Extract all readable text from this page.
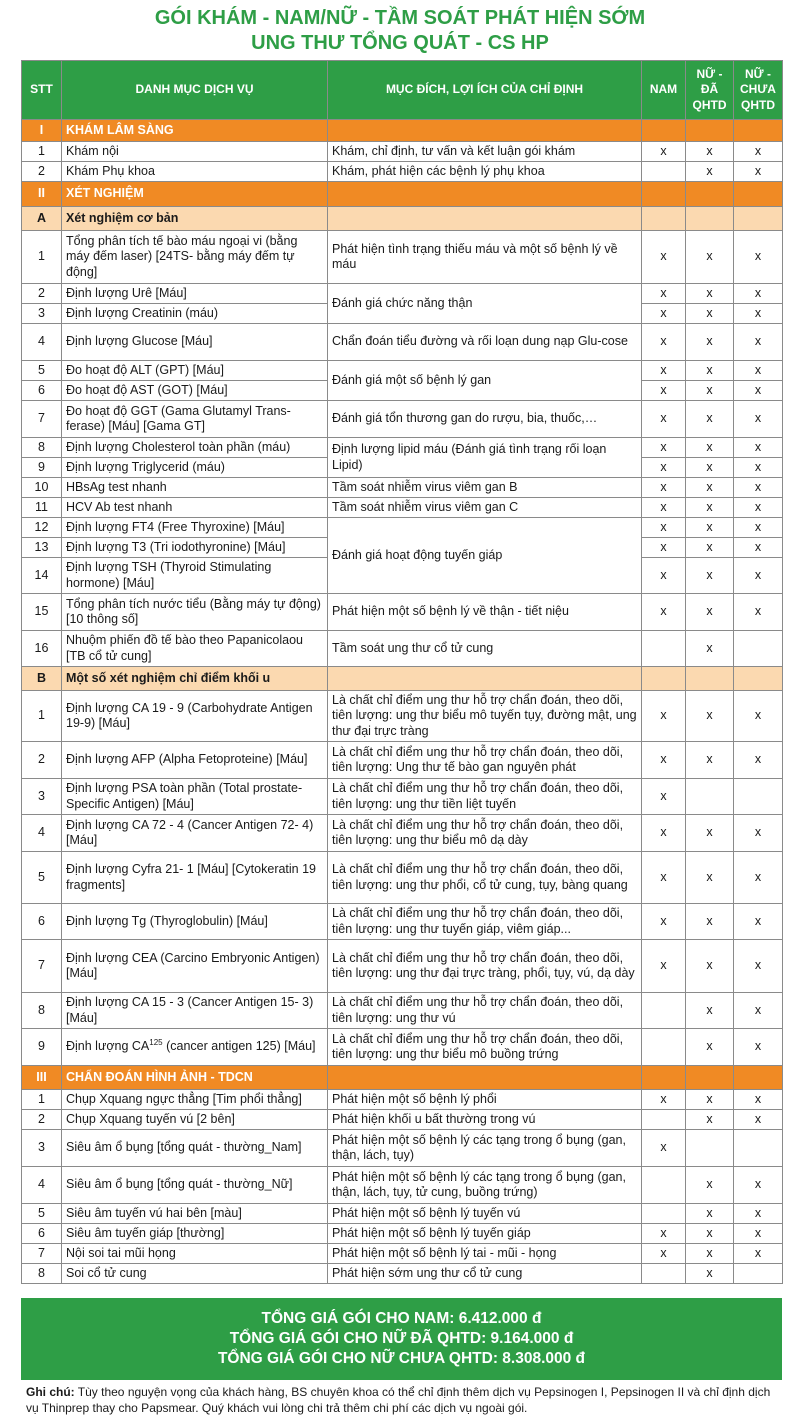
GÓI KHÁM - NAM/NỮ - TẦM SOÁT PHÁT HIỆN SỚM
UNG THƯ TỔNG QUÁT - CS HP
STT	DANH MỤC DỊCH VỤ	MỤC ĐÍCH, LỢI ÍCH CỦA CHỈ ĐỊNH	NAM	NỮ -
ĐÃ
QHTD	NỮ -
CHƯA
QHTD
I	KHÁM LÂM SÀNG				
1	Khám nội	Khám, chỉ định, tư vấn và kết luận gói khám	x	x	x
2	Khám Phụ khoa	Khám, phát hiện các bệnh lý phụ khoa		x	x
II	XÉT NGHIỆM				
A	Xét nghiệm cơ bản				
1	Tổng phân tích tế bào máu ngoại vi (bằng máy đếm laser) [24TS- bằng máy đếm tự động]	Phát hiện tình trạng thiếu máu và một số bệnh lý về máu	x	x	x
2	Định lượng Urê [Máu]	Đánh giá chức năng thận	x	x	x
3	Định lượng Creatinin (máu)		x	x	x
4	Định lượng Glucose [Máu]	Chẩn đoán tiểu đường và rối loạn dung nạp Glu-cose	x	x	x
5	Đo hoạt độ ALT (GPT) [Máu]	Đánh giá một số bệnh lý gan	x	x	x
6	Đo hoạt độ AST (GOT) [Máu]		x	x	x
7	Đo hoạt độ GGT (Gama Glutamyl Trans-ferase) [Máu] [Gama GT]	Đánh giá tổn thương gan do rượu, bia, thuốc,…	x	x	x
8	Định lượng Cholesterol toàn phần (máu)	Định lượng lipid máu (Đánh giá tình trạng rối loạn Lipid)	x	x	x
9	Định lượng Triglycerid (máu)		x	x	x
10	HBsAg test nhanh	Tầm soát nhiễm virus viêm gan B	x	x	x
11	HCV Ab test nhanh	Tầm soát nhiễm virus viêm gan C	x	x	x
12	Định lượng FT4 (Free Thyroxine) [Máu]	Đánh giá hoạt động tuyến giáp	x	x	x
13	Định lượng T3 (Tri iodothyronine) [Máu]		x	x	x
14	Định lượng TSH (Thyroid Stimulating hormone) [Máu]		x	x	x
15	Tổng phân tích nước tiểu (Bằng máy tự động) [10 thông số]	Phát hiện một số bệnh lý về thận - tiết niệu	x	x	x
16	Nhuộm phiến đồ tế bào theo Papanicolaou [TB cổ tử cung]	Tầm soát ung thư cổ tử cung		x	
B	Một số xét nghiệm chỉ điểm khối u				
1	Định lượng CA 19 - 9 (Carbohydrate Antigen 19-9) [Máu]	Là chất chỉ điểm ung thư hỗ trợ chẩn đoán, theo dõi, tiên lượng: ung thư biểu mô tuyến tụy, đường mật, ung thư đại trực tràng	x	x	x
2	Định lượng AFP (Alpha Fetoproteine) [Máu]	Là chất chỉ điểm ung thư hỗ trợ chẩn đoán, theo dõi, tiên lượng: Ung thư tế bào gan nguyên phát	x	x	x
3	Định lượng PSA toàn phần (Total prostate-Specific Antigen) [Máu]	Là chất chỉ điểm ung thư hỗ trợ chẩn đoán, theo dõi, tiên lượng: ung thư tiền liệt tuyến	x		
4	Định lượng CA 72 - 4 (Cancer Antigen 72- 4) [Máu]	Là chất chỉ điểm ung thư hỗ trợ chẩn đoán, theo dõi, tiên lượng: ung thư biểu mô dạ dày	x	x	x
5	Định lượng Cyfra 21- 1 [Máu] [Cytokeratin 19 fragments]	Là chất chỉ điểm ung thư hỗ trợ chẩn đoán, theo dõi, tiên lượng: ung thư phổi, cổ tử cung, tụy, bàng quang	x	x	x
6	Định lượng Tg (Thyroglobulin) [Máu]	Là chất chỉ điểm ung thư hỗ trợ chẩn đoán, theo dõi, tiên lượng: ung thư tuyến giáp, viêm giáp...	x	x	x
7	Định lượng CEA (Carcino Embryonic Antigen) [Máu]	Là chất chỉ điểm ung thư hỗ trợ chẩn đoán, theo dõi, tiên lượng: ung thư đại trực tràng, phổi, tụy, vú, dạ dày	x	x	x
8	Định lượng CA 15 - 3 (Cancer Antigen 15- 3) [Máu]	Là chất chỉ điểm ung thư hỗ trợ chẩn đoán, theo dõi, tiên lượng: ung thư vú		x	x
9	Định lượng CA$^{125}$ (cancer antigen 125) [Máu]	Là chất chỉ điểm ung thư hỗ trợ chẩn đoán, theo dõi, tiên lượng: ung thư biểu mô buồng trứng		x	x
III	CHẨN ĐOÁN HÌNH ẢNH - TDCN				
1	Chụp Xquang ngực thẳng [Tim phổi thẳng]	Phát hiện một số bệnh lý phổi	x	x	x
2	Chụp Xquang tuyến vú [2 bên]	Phát hiện khối u bất thường trong vú		x	x
3	Siêu âm ổ bụng [tổng quát - thường_Nam]	Phát hiện một số bệnh lý các tạng trong ổ bụng (gan, thận, lách, tụy)	x		
4	Siêu âm ổ bụng [tổng quát - thường_Nữ]	Phát hiện một số bệnh lý các tạng trong ổ bụng (gan, thận, lách, tụy, tử cung, buồng trứng)		x	x
5	Siêu âm tuyến vú hai bên [màu]	Phát hiện một số bệnh lý tuyến vú		x	x
6	Siêu âm tuyến giáp [thường]	Phát hiện một số bệnh lý tuyến giáp	x	x	x
7	Nội soi tai mũi họng	Phát hiện một số bệnh lý tai - mũi - họng	x	x	x
8	Soi cổ tử cung	Phát hiện sớm ung thư cổ tử cung		x	
TỔNG GIÁ GÓI CHO NAM: 6.412.000 đ
TỔNG GIÁ GÓI CHO NỮ ĐÃ QHTD: 9.164.000 đ
TỔNG GIÁ GÓI CHO NỮ CHƯA QHTD: 8.308.000 đ
Ghi chú: Tùy theo nguyện vọng của khách hàng, BS chuyên khoa có thể chỉ định thêm dịch vụ Pepsinogen I, Pepsinogen II và chỉ định dịch vụ Thinprep thay cho Papsmear. Quý khách vui lòng chi trả thêm chi phí các dịch vụ ngoài gói.
